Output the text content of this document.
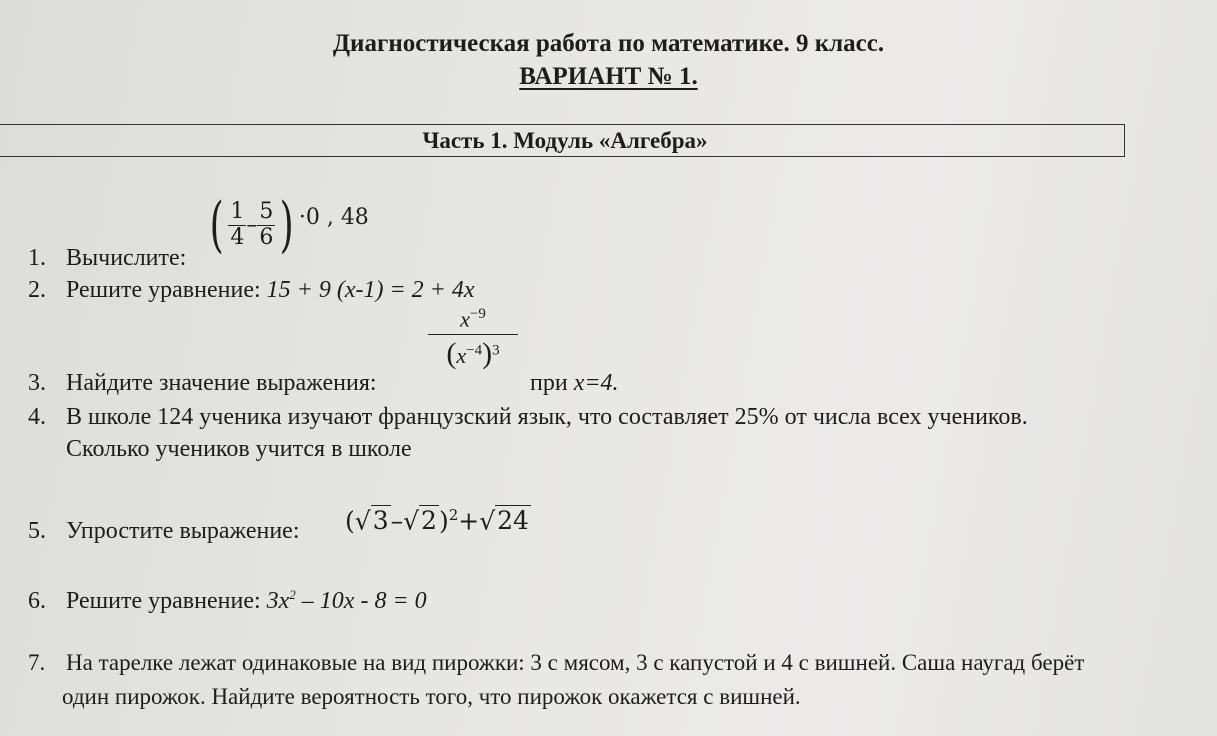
Диагностическая работа по математике. 9 класс.
ВАРИАНТ № 1.
Часть 1. Модуль «Алгебра»
1. Вычислите: ( $\frac{1}{4} - \frac{5}{6}$ ) ·0 , 48
2. Решите уравнение: 15 + 9 (x-1) = 2 + 4x
3. Найдите значение выражения:
$\frac{x^{-9}}{(x^{-4})^3}$
при x=4.
4. В школе 124 ученика изучают французский язык, что составляет 25% от числа всех учеников.
Сколько учеников учится в школе
5. Упростите выражение: $(√3-√2)^2+√24$
6. Решите уравнение: $3x^2 - 10x - 8 = 0$
7. На тарелке лежат одинаковые на вид пирожки: 3 с мясом, 3 с капустой и 4 с вишней. Саша наугад берёт
один пирожок. Найдите вероятность того, что пирожок окажется с вишней.
